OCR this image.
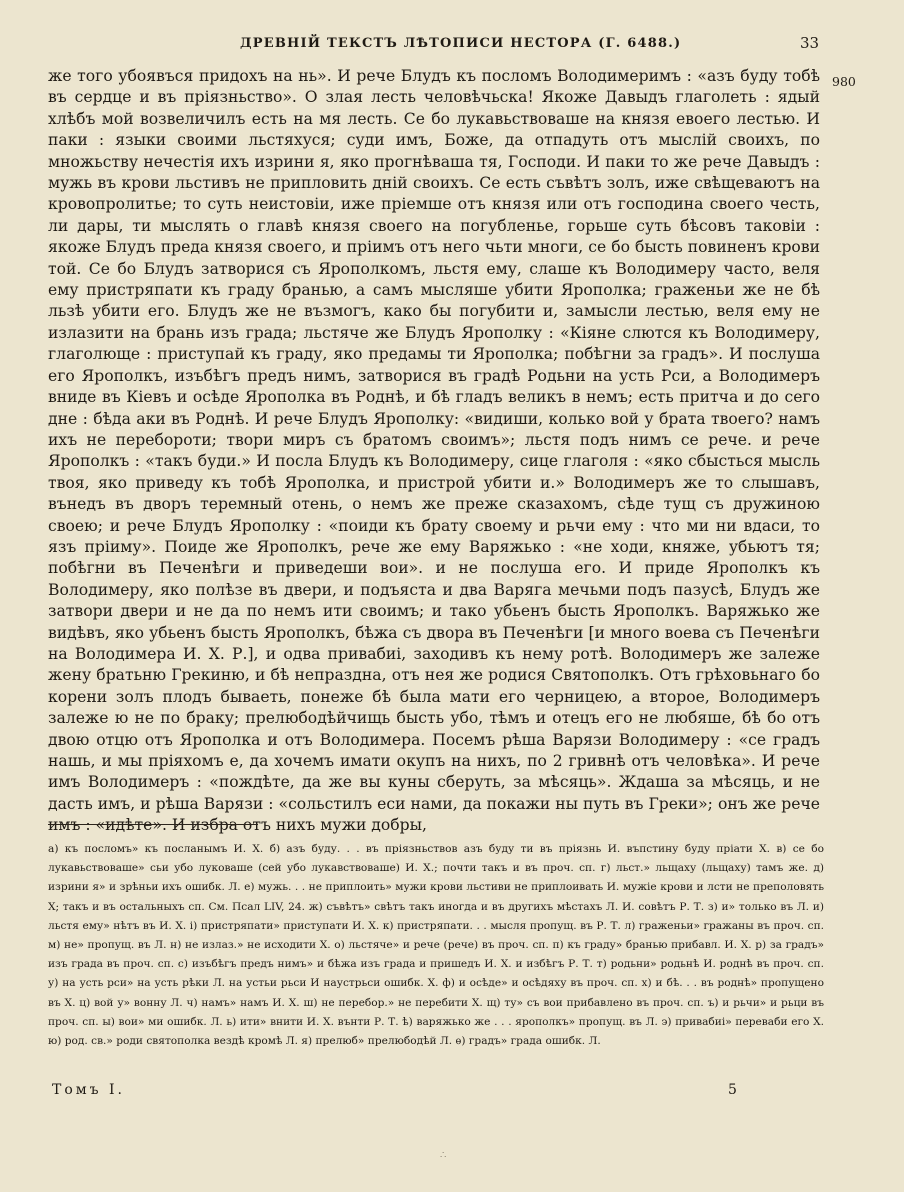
ДРЕВНІЙ ТЕКСТЪ ЛѢТОПИСИ НЕСТОРА (Г. 6488.)	33
980

же того убоявъся придохъ на нь». И рече Блудъ къ посломъ Володимеримъ : «азъ буду тобѣ въ сердце и въ пріязньство». О злая лесть человѣчьска! Якоже Давыдъ глаголеть : ядый хлѣбъ мой возвеличилъ есть на мя лесть. Се бо лукавьствоваше на князя евоего лестью. И паки : языки своими льстяхуся; суди имъ, Боже, да отпадуть отъ мыслій своихъ, по множьству нечестія ихъ изрини я, яко прогнѣваша тя, Господи. И паки то же рече Давыдъ : мужь въ крови льстивъ не припловить дній своихъ. Се есть съвѣтъ золъ, иже свѣщеваютъ на кровопролитье; то суть неистовіи, иже пріемше отъ князя или отъ господина своего честь, ли дары, ти мыслять о главѣ князя своего на погубленье, горьше суть бѣсовъ таковіи : якоже Блудъ преда князя своего, и пріимъ отъ него чьти многи, се бо бысть повиненъ крови той. Се бо Блудъ затворися съ Ярополкомъ, льстя ему, слаше къ Володимеру часто, веля ему пристряпати къ граду бранью, а самъ мысляше убити Ярополка; граженьи же не бѣ льзѣ убити его. Блудъ же не възмогъ, како бы погубити и, замысли лестью, веля ему не излазити на брань изъ града; льстяче же Блудъ Ярополку : «Кіяне слются къ Володимеру, глаголюще : приступай къ граду, яко предамы ти Ярополка; побѣгни за градъ». И послуша его Ярополкъ, изъбѣгъ предъ нимъ, затворися въ градѣ Родьни на усть Рси, а Володимеръ вниде въ Кіевъ и осѣде Ярополка въ Роднѣ, и бѣ гладъ великъ в немъ; есть притча и до сего дне : бѣда аки въ Роднѣ. И рече Блудъ Ярополку: «видиши, колько вой у брата твоего? намъ ихъ не перебороти; твори миръ съ братомъ своимъ»; льстя подъ нимъ се рече. и рече Ярополкъ : «такъ буди.» И посла Блудъ къ Володимеру, сице глаголя : «яко сбысться мысль твоя, яко приведу къ тобѣ Ярополка, и пристрой убити и.» Володимеръ же то слышавъ, вънедъ въ дворъ теремный отень, о немъ же преже сказахомъ, сѣде тущ съ дружиною своею; и рече Блудъ Ярополку : «поиди къ брату своему и рьчи ему : что ми ни вдаси, то язъ пріиму». Поиде же Ярополкъ, рече же ему Варяжько : «не ходи, княже, убьютъ тя; побѣгни въ Печенѣги и приведеши вои». и не послуша его. И приде Ярополкъ къ Володимеру, яко полѣзе въ двери, и подъяста и два Варяга мечьми подъ пазусѣ, Блудъ же затвори двери и не да по немъ ити своимъ; и тако убьенъ бысть Ярополкъ. Варяжько же видѣвъ, яко убьенъ бысть Ярополкъ, бѣжа съ двора въ Печенѣги [и много воева съ Печенѣги на Володимера И. Х. Р.], и одва привабиі, заходивъ къ нему ротѣ. Володимеръ же залеже жену братьню Грекиню, и бѣ непраздна, отъ нея же родися Святополкъ. Отъ грѣховьнаго бо корени золъ плодъ бываеть, понеже бѣ была мати его черницею, а второе, Володимеръ залеже ю не по браку; прелюбодѣйчищь бысть убо, тѣмъ и отецъ его не любяше, бѣ бо отъ двою отцю отъ Ярополка и отъ Володимера. Посемъ рѣша Варязи Володимеру : «се градъ нашь, и мы пріяхомъ е, да хочемъ имати окупъ на нихъ, по 2 гривнѣ отъ человѣка». И рече имъ Володимеръ : «пождѣте, да же вы куны сберуть, за мѣсяць». Ждаша за мѣсяць, и не дасть имъ, и рѣша Варязи : «сольстилъ еси нами, да покажи ны путь въ Греки»; онъ же рече имъ : «идѣте». И избра отъ нихъ мужи добры,

а) къ посломъ» къ посланымъ И. Х. б) азъ буду. . . въ пріязньствов азъ буду ти въ пріязнь И. въпстину буду пріати Х. в) се бо лукавьствоваше» сьи убо луковаше (сей убо лукавствоваше) И. Х.; почти такъ и въ проч. сп. г) льст.» льщаху (льщаху) тамъ же. д) изрини я» и зрѣньи ихъ ошибк. Л. е) мужь. . . не приплоить» мужи крови льстиви не приплоивать И. мужіе крови и лсти не преполовять Х; такъ и въ остальныхъ сп. См. Псал LIV, 24. ж) съвѣтъ» свѣтъ такъ иногда и въ другихъ мѣстахъ Л. И. совѣтъ Р. Т. з) и» только въ Л. и) льстя ему» нѣтъ въ И. Х. і) пристряпати» приступати И. Х. к) пристряпати. . . мысля пропущ. въ Р. Т. л) граженьи» гражаны въ проч. сп. м) не» пропущ. въ Л. н) не излаз.» не исходити Х. о) льстяче» и рече (рече) въ проч. сп. п) къ граду» бранью прибавл. И. Х. р) за градъ» изъ града въ проч. сп. с) изъбѣгъ предъ нимъ» и бѣжа изъ града и пришедъ И. Х. и избѣгъ Р. Т. т) родьни» родьнѣ И. роднѣ въ проч. сп. у) на усть рси» на усть рѣки Л. на устьи рьси И наустрьси ошибк. Х. ф) и осѣде» и осѣдяху въ проч. сп. х) и бѣ. . . въ роднѣ» пропущено въ Х. ц) вой у» вонну Л. ч) намъ» намъ И. Х. ш) не перебор.» не перебити Х. щ) ту» съ вои прибавлено въ проч. сп. ъ) и рьчи» и рьци въ проч. сп. ы) вои» ми ошибк. Л. ь) ити» внити И. Х. вънти Р. Т. ѣ) варяжько же . . . ярополкъ» пропущ. въ Л. э) привабиі» переваби его Х. ю) род. св.» роди святополка вездѣ кромѣ Л. я) прелюб» прелюбодѣй Л. ѳ) градъ» града ошибк. Л.

Томъ I.	5
∴
